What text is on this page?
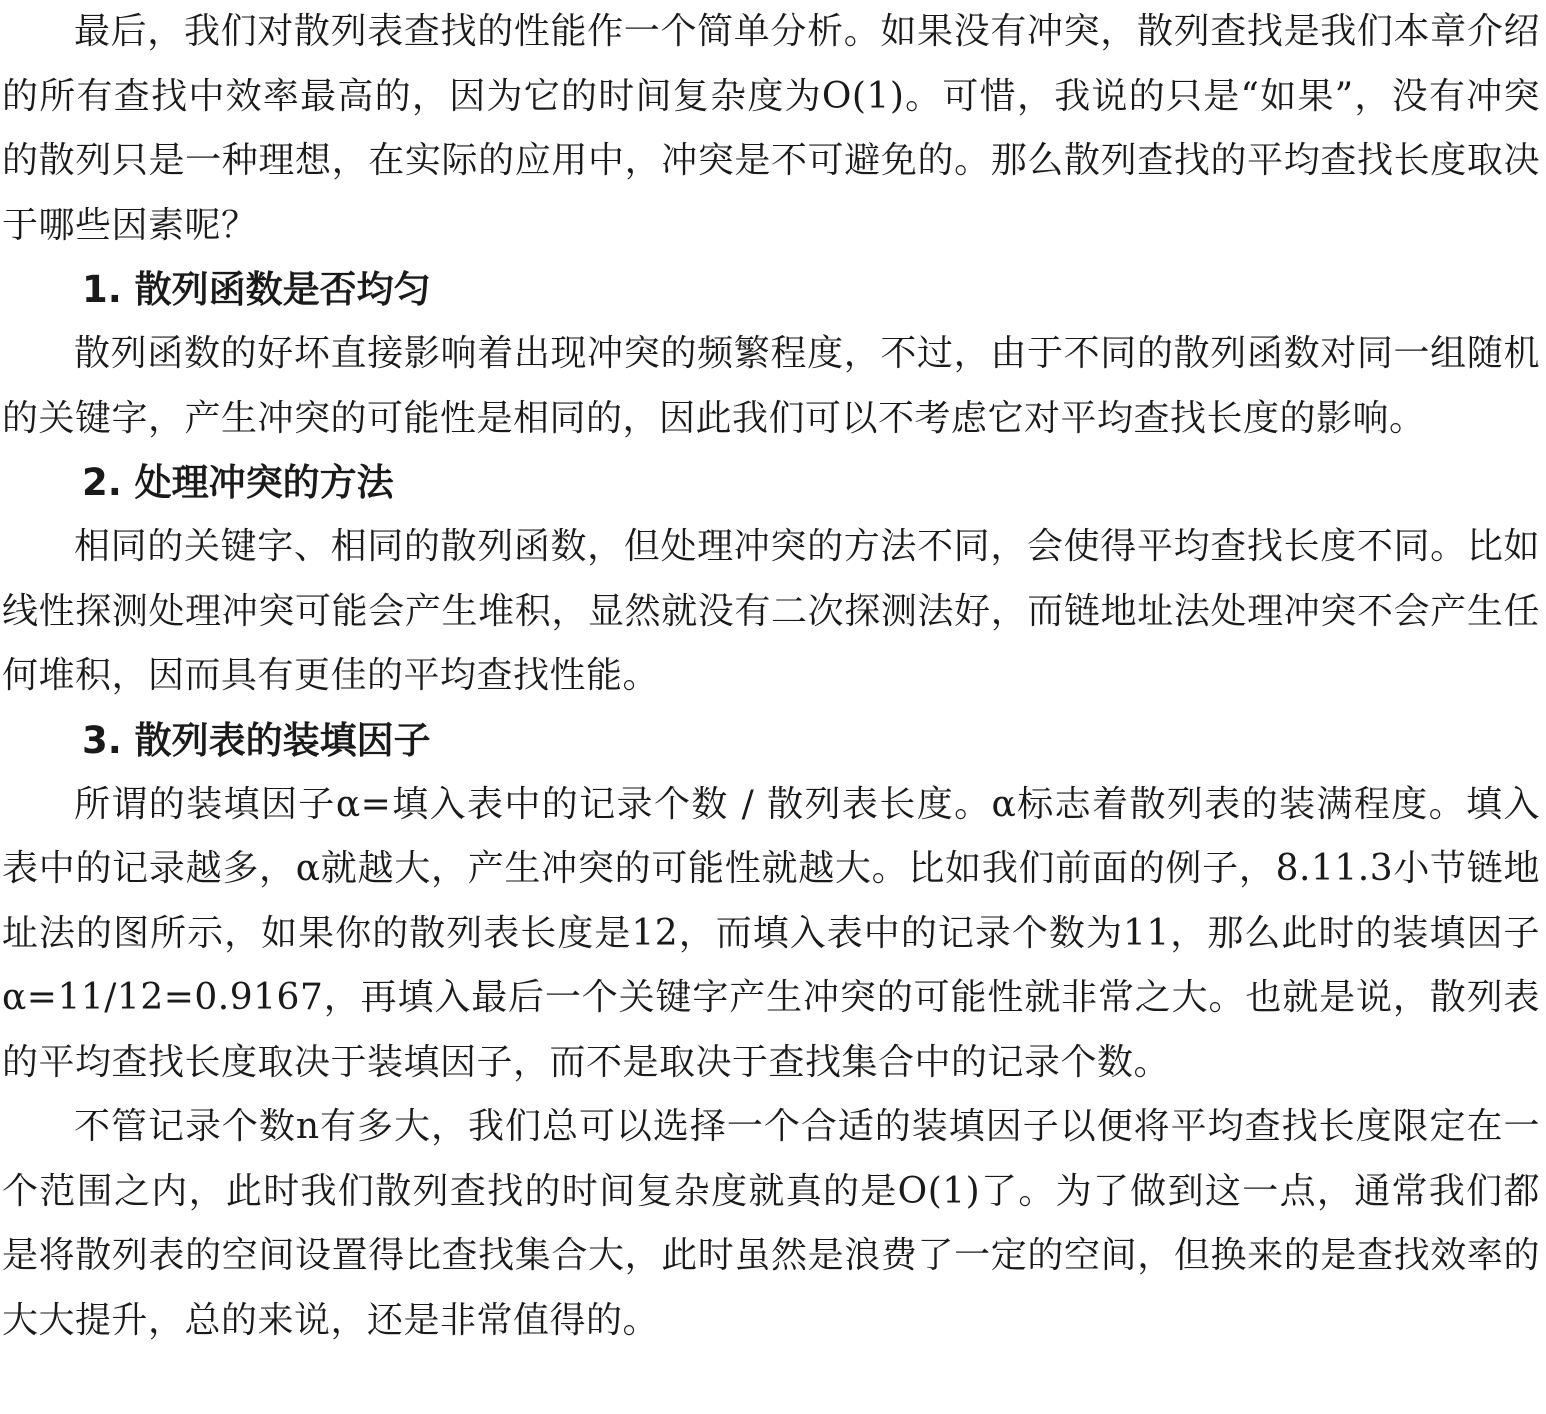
最后，我们对散列表查找的性能作一个简单分析。如果没有冲突，散列查找是我们本章介绍的所有查找中效率最高的，因为它的时间复杂度为O(1)。可惜，我说的只是“如果”，没有冲突的散列只是一种理想，在实际的应用中，冲突是不可避免的。那么散列查找的平均查找长度取决于哪些因素呢？

1. 散列函数是否均匀

散列函数的好坏直接影响着出现冲突的频繁程度，不过，由于不同的散列函数对同一组随机的关键字，产生冲突的可能性是相同的，因此我们可以不考虑它对平均查找长度的影响。

2. 处理冲突的方法

相同的关键字、相同的散列函数，但处理冲突的方法不同，会使得平均查找长度不同。比如线性探测处理冲突可能会产生堆积，显然就没有二次探测法好，而链地址法处理冲突不会产生任何堆积，因而具有更佳的平均查找性能。

3. 散列表的装填因子

所谓的装填因子α=填入表中的记录个数 / 散列表长度。α标志着散列表的装满程度。填入表中的记录越多，α就越大，产生冲突的可能性就越大。比如我们前面的例子，8.11.3小节链地址法的图所示，如果你的散列表长度是12，而填入表中的记录个数为11，那么此时的装填因子α=11/12=0.9167，再填入最后一个关键字产生冲突的可能性就非常之大。也就是说，散列表的平均查找长度取决于装填因子，而不是取决于查找集合中的记录个数。

不管记录个数n有多大，我们总可以选择一个合适的装填因子以便将平均查找长度限定在一个范围之内，此时我们散列查找的时间复杂度就真的是O(1)了。为了做到这一点，通常我们都是将散列表的空间设置得比查找集合大，此时虽然是浪费了一定的空间，但换来的是查找效率的大大提升，总的来说，还是非常值得的。
